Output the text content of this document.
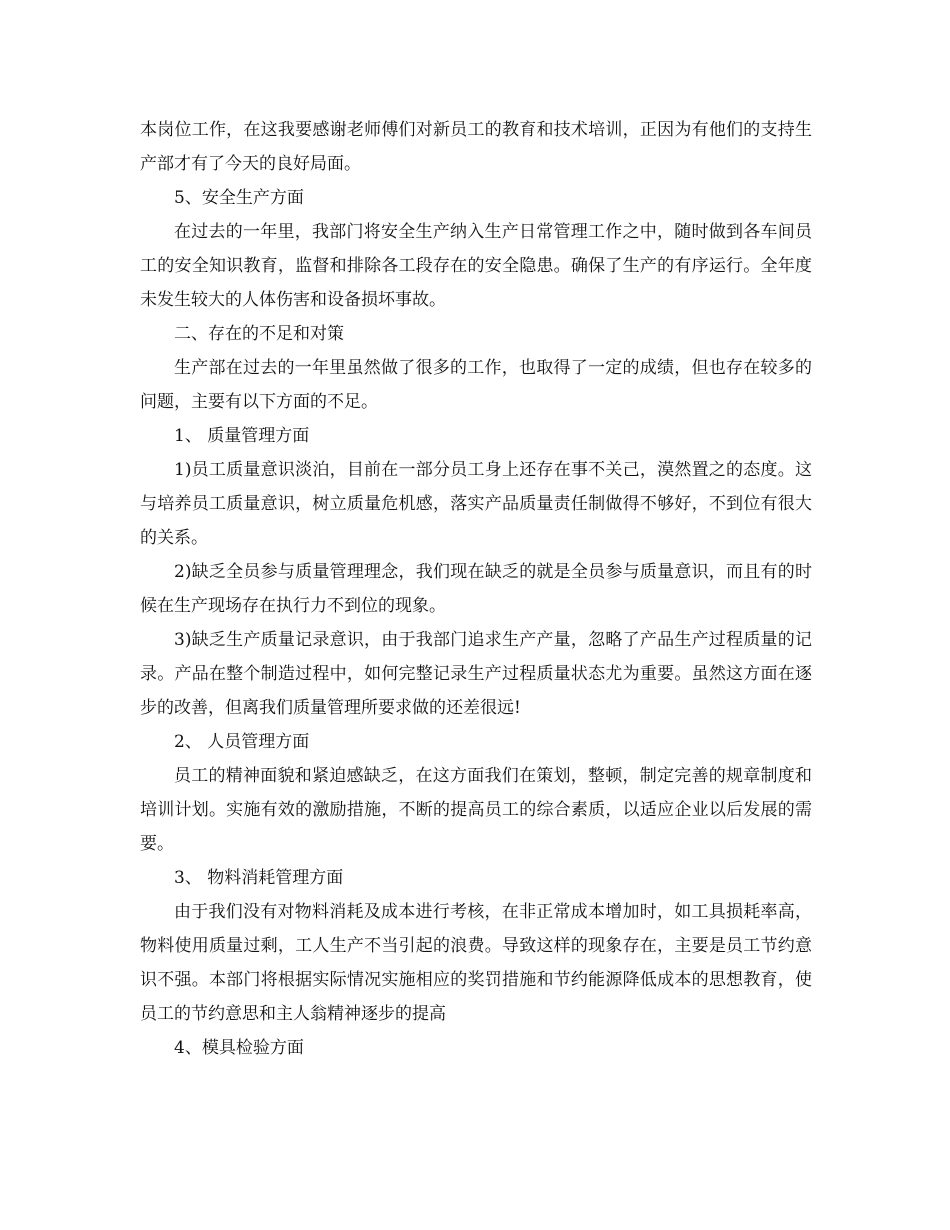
本岗位工作，在这我要感谢老师傅们对新员工的教育和技术培训，正因为有他们的支持生产部才有了今天的良好局面。

5、安全生产方面

在过去的一年里，我部门将安全生产纳入生产日常管理工作之中，随时做到各车间员工的安全知识教育，监督和排除各工段存在的安全隐患。确保了生产的有序运行。全年度未发生较大的人体伤害和设备损坏事故。

二、存在的不足和对策

生产部在过去的一年里虽然做了很多的工作，也取得了一定的成绩，但也存在较多的问题，主要有以下方面的不足。

1、 质量管理方面

1)员工质量意识淡泊，目前在一部分员工身上还存在事不关己，漠然置之的态度。这与培养员工质量意识，树立质量危机感，落实产品质量责任制做得不够好，不到位有很大的关系。

2)缺乏全员参与质量管理理念，我们现在缺乏的就是全员参与质量意识，而且有的时候在生产现场存在执行力不到位的现象。

3)缺乏生产质量记录意识，由于我部门追求生产产量，忽略了产品生产过程质量的记录。产品在整个制造过程中，如何完整记录生产过程质量状态尤为重要。虽然这方面在逐步的改善，但离我们质量管理所要求做的还差很远!

2、 人员管理方面

员工的精神面貌和紧迫感缺乏，在这方面我们在策划，整顿，制定完善的规章制度和培训计划。实施有效的激励措施，不断的提高员工的综合素质，以适应企业以后发展的需要。

3、 物料消耗管理方面

由于我们没有对物料消耗及成本进行考核，在非正常成本增加时，如工具损耗率高，物料使用质量过剩，工人生产不当引起的浪费。导致这样的现象存在，主要是员工节约意识不强。本部门将根据实际情况实施相应的奖罚措施和节约能源降低成本的思想教育，使员工的节约意思和主人翁精神逐步的提高

4、模具检验方面
